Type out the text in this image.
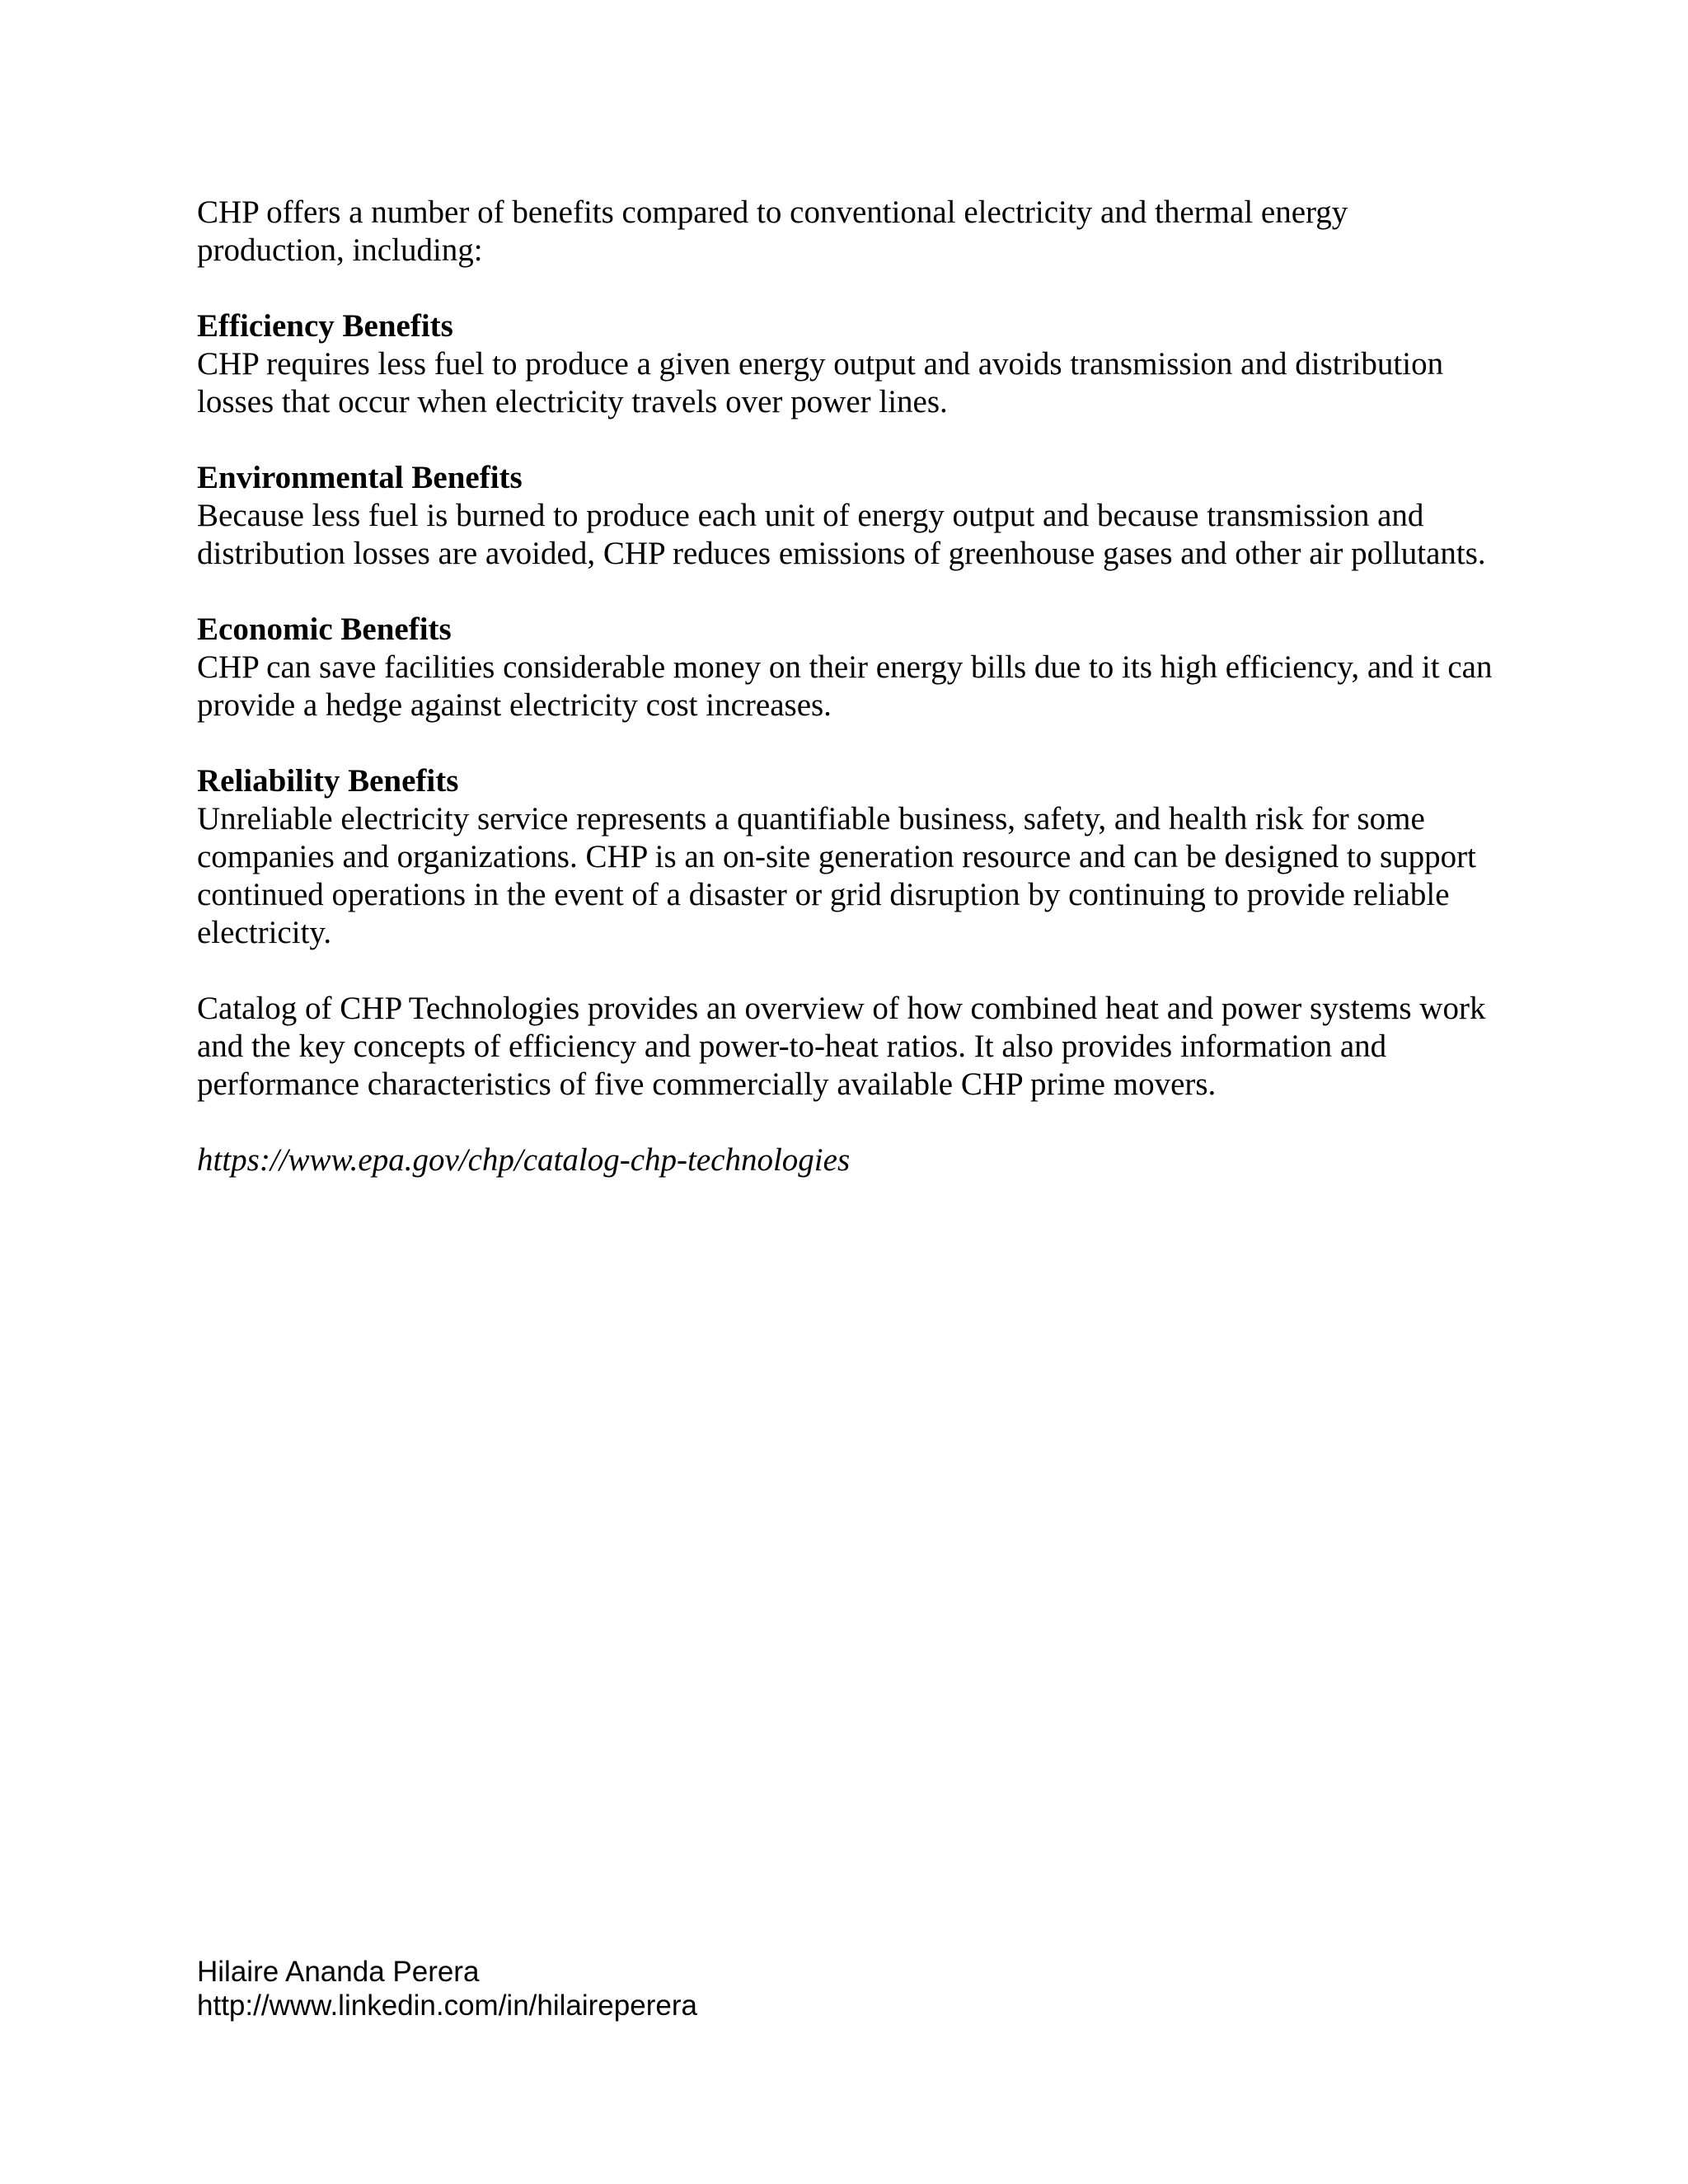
CHP offers a number of benefits compared to conventional electricity and thermal energy production, including:

Efficiency Benefits
CHP requires less fuel to produce a given energy output and avoids transmission and distribution losses that occur when electricity travels over power lines.
Environmental Benefits
Because less fuel is burned to produce each unit of energy output and because transmission and distribution losses are avoided, CHP reduces emissions of greenhouse gases and other air pollutants.
Economic Benefits
CHP can save facilities considerable money on their energy bills due to its high efficiency, and it can provide a hedge against electricity cost increases.
Reliability Benefits
Unreliable electricity service represents a quantifiable business, safety, and health risk for some companies and organizations. CHP is an on-site generation resource and can be designed to support continued operations in the event of a disaster or grid disruption by continuing to provide reliable electricity.

Catalog of CHP Technologies provides an overview of how combined heat and power systems work and the key concepts of efficiency and power-to-heat ratios. It also provides information and performance characteristics of five commercially available CHP prime movers.

https://www.epa.gov/chp/catalog-chp-technologies

Hilaire Ananda Perera
http://www.linkedin.com/in/hilaireperera
